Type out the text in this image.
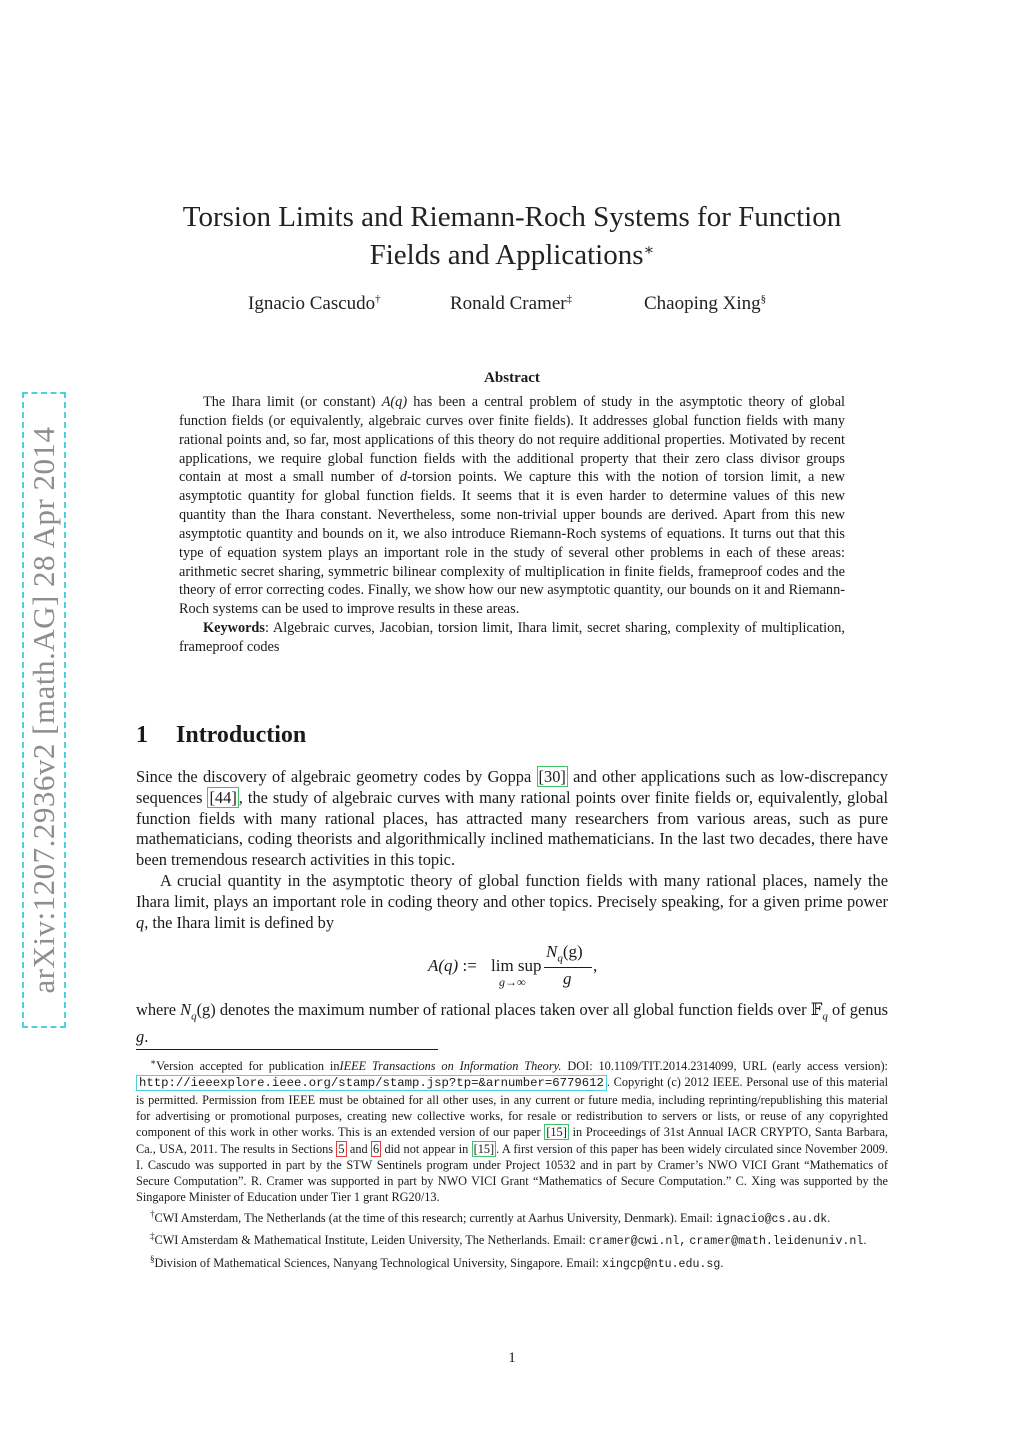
arXiv:1207.2936v2 [math.AG] 28 Apr 2014
Torsion Limits and Riemann-Roch Systems for Function
Fields and Applications∗
Ignacio Cascudo†	Ronald Cramer‡	Chaoping Xing§
Abstract

The Ihara limit (or constant) A(q) has been a central problem of study in the asymptotic theory of global function fields (or equivalently, algebraic curves over finite fields). It addresses global function fields with many rational points and, so far, most applications of this theory do not require additional properties. Motivated by recent applications, we require global function fields with the additional property that their zero class divisor groups contain at most a small number of d-torsion points. We capture this with the notion of torsion limit, a new asymptotic quantity for global function fields. It seems that it is even harder to determine values of this new quantity than the Ihara constant. Nevertheless, some non-trivial upper bounds are derived. Apart from this new asymptotic quantity and bounds on it, we also introduce Riemann-Roch systems of equations. It turns out that this type of equation system plays an important role in the study of several other problems in each of these areas: arithmetic secret sharing, symmetric bilinear complexity of multiplication in finite fields, frameproof codes and the theory of error correcting codes. Finally, we show how our new asymptotic quantity, our bounds on it and Riemann-Roch systems can be used to improve results in these areas.

Keywords: Algebraic curves, Jacobian, torsion limit, Ihara limit, secret sharing, complexity of multiplication, frameproof codes

1 Introduction

Since the discovery of algebraic geometry codes by Goppa [30] and other applications such as low-discrepancy sequences [44] , the study of algebraic curves with many rational points over finite fields or, equivalently, global function fields with many rational places, has attracted many researchers from various areas, such as pure mathematicians, coding theorists and algorithmically inclined mathematicians. In the last two decades, there have been tremendous research activities in this topic.

A crucial quantity in the asymptotic theory of global function fields with many rational places, namely the Ihara limit, plays an important role in coding theory and other topics. Precisely speaking, for a given prime power q, the Ihara limit is defined by

A(q) := lim sup
g→∞
$N_q(g)$
g
,

where $N_q(g)$ denotes the maximum number of rational places taken over all global function fields over 𝔽$_q$ of genus g.

∗Version accepted for publication inIEEE Transactions on Information Theory. DOI: 10.1109/TIT.2014.2314099, URL (early access version): http://ieeexplore.ieee.org/stamp/stamp.jsp?tp=&arnumber=6779612 . Copyright (c) 2012 IEEE. Personal use of this material is permitted. Permission from IEEE must be obtained for all other uses, in any current or future media, including reprinting/republishing this material for advertising or promotional purposes, creating new collective works, for resale or redistribution to servers or lists, or reuse of any copyrighted component of this work in other works. This is an extended version of our paper [15] in Proceedings of 31st Annual IACR CRYPTO, Santa Barbara, Ca., USA, 2011. The results in Sections 5 and 6 did not appear in [15] . A first version of this paper has been widely circulated since November 2009. I. Cascudo was supported in part by the STW Sentinels program under Project 10532 and in part by Cramer’s NWO VICI Grant “Mathematics of Secure Computation”. R. Cramer was supported in part by NWO VICI Grant “Mathematics of Secure Computation.” C. Xing was supported by the Singapore Minister of Education under Tier 1 grant RG20/13.

†CWI Amsterdam, The Netherlands (at the time of this research; currently at Aarhus University, Denmark). Email: ignacio@cs.au.dk.

‡CWI Amsterdam & Mathematical Institute, Leiden University, The Netherlands. Email: cramer@cwi.nl, cramer@math.leidenuniv.nl.

§Division of Mathematical Sciences, Nanyang Technological University, Singapore. Email: xingcp@ntu.edu.sg.

1
